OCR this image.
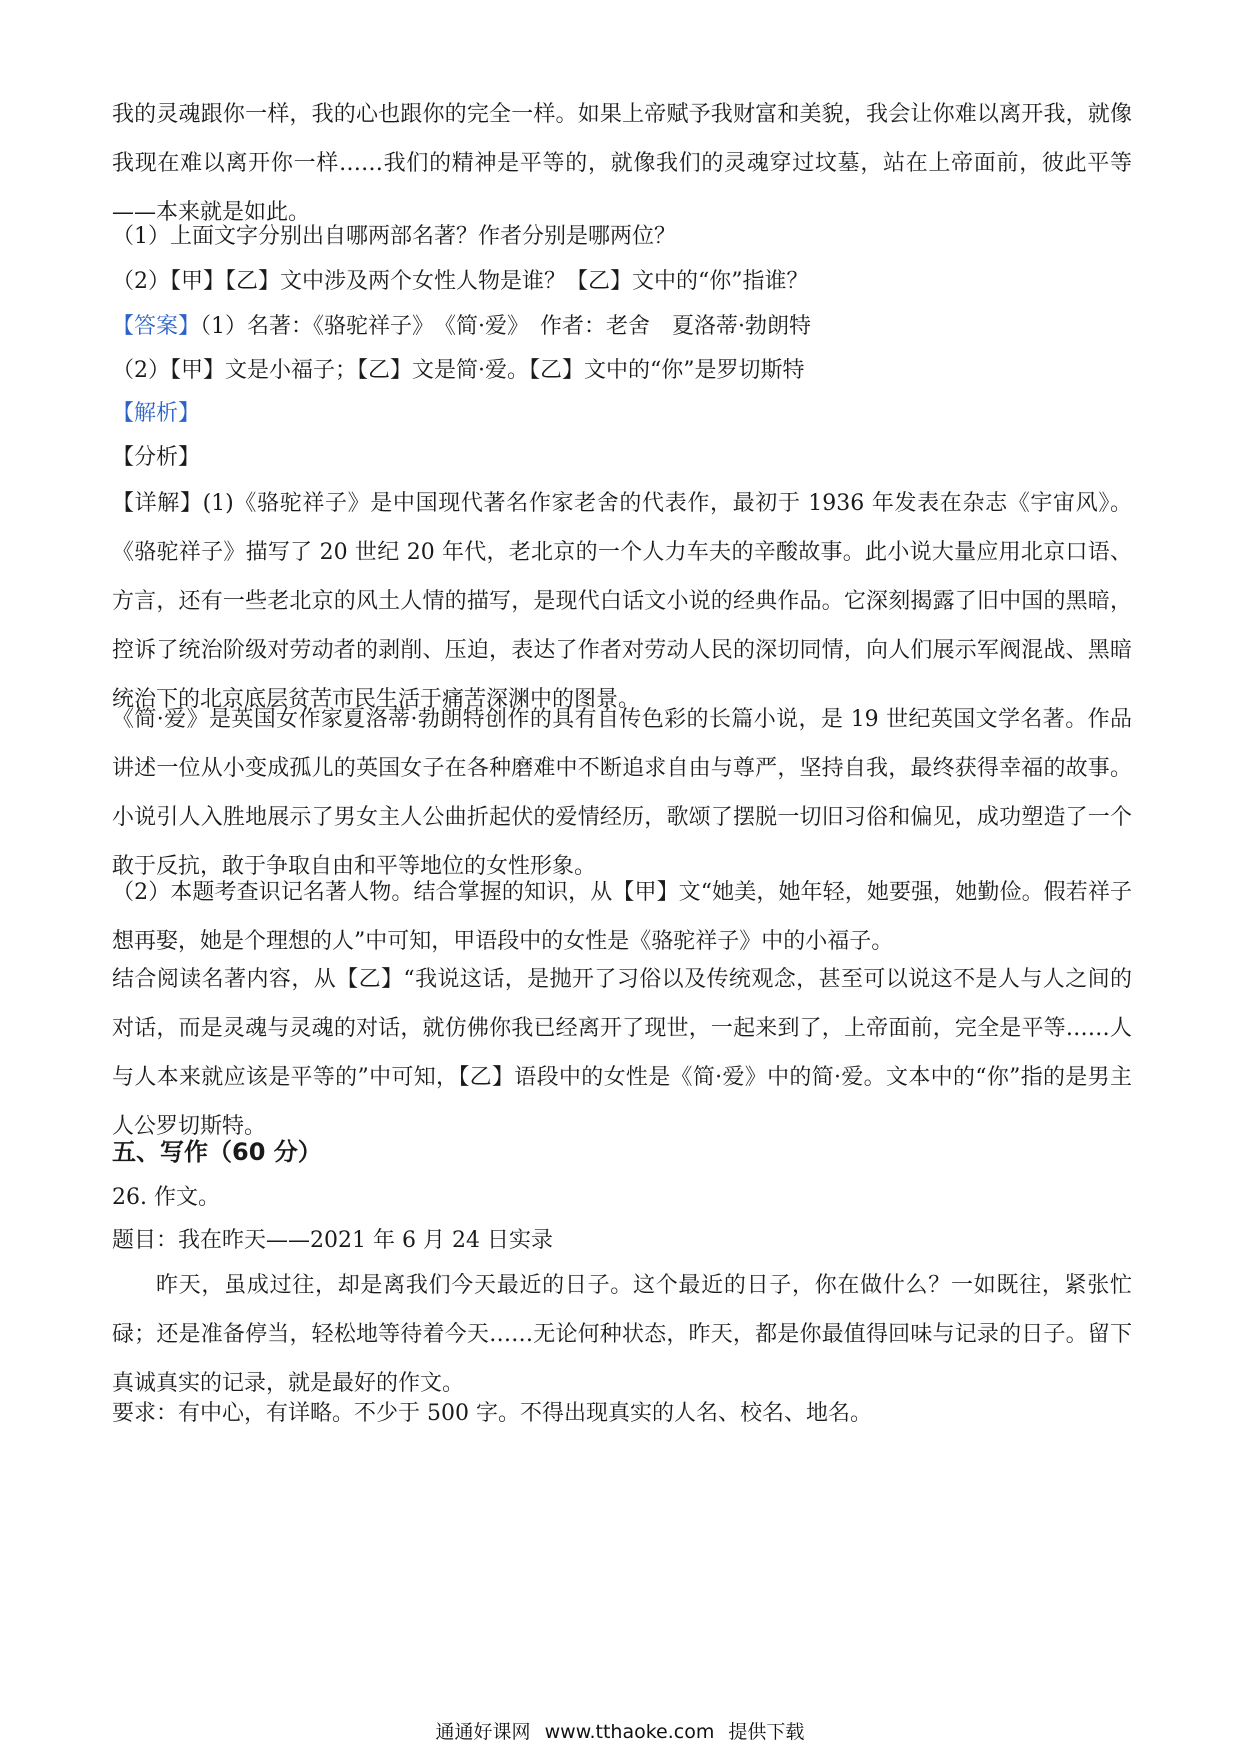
我的灵魂跟你一样，我的心也跟你的完全一样。如果上帝赋予我财富和美貌，我会让你难以离开我，就像我现在难以离开你一样……我们的精神是平等的，就像我们的灵魂穿过坟墓，站在上帝面前，彼此平等——本来就是如此。

（1）上面文字分别出自哪两部名著？作者分别是哪两位？

（2）【甲】【乙】文中涉及两个女性人物是谁？【乙】文中的“你”指谁？

【答案】（1）名著：《骆驼祥子》　《简·爱》　作者：老舍　夏洛蒂·勃朗特

（2）【甲】文是小福子；【乙】文是简·爱。【乙】文中的“你”是罗切斯特

【解析】

【分析】

【详解】(1)《骆驼祥子》是中国现代著名作家老舍的代表作，最初于 1936 年发表在杂志《宇宙风》。《骆驼祥子》描写了 20 世纪 20 年代，老北京的一个人力车夫的辛酸故事。此小说大量应用北京口语、方言，还有一些老北京的风土人情的描写，是现代白话文小说的经典作品。它深刻揭露了旧中国的黑暗，控诉了统治阶级对劳动者的剥削、压迫，表达了作者对劳动人民的深切同情，向人们展示军阀混战、黑暗统治下的北京底层贫苦市民生活于痛苦深渊中的图景。

《简·爱》是英国女作家夏洛蒂·勃朗特创作的具有自传色彩的长篇小说，是 19 世纪英国文学名著。作品讲述一位从小变成孤儿的英国女子在各种磨难中不断追求自由与尊严，坚持自我，最终获得幸福的故事。小说引人入胜地展示了男女主人公曲折起伏的爱情经历，歌颂了摆脱一切旧习俗和偏见，成功塑造了一个敢于反抗，敢于争取自由和平等地位的女性形象。

（2）本题考查识记名著人物。结合掌握的知识，从【甲】文“她美，她年轻，她要强，她勤俭。假若祥子想再娶，她是个理想的人”中可知，甲语段中的女性是《骆驼祥子》中的小福子。

结合阅读名著内容，从【乙】“我说这话，是抛开了习俗以及传统观念，甚至可以说这不是人与人之间的对话，而是灵魂与灵魂的对话，就仿佛你我已经离开了现世，一起来到了，上帝面前，完全是平等……人与人本来就应该是平等的”中可知，【乙】语段中的女性是《简·爱》中的简·爱。文本中的“你”指的是男主人公罗切斯特。

五、写作（60 分）

26. 作文。

题目：我在昨天——2021 年 6 月 24 日实录

昨天，虽成过往，却是离我们今天最近的日子。这个最近的日子，你在做什么？一如既往，紧张忙碌；还是准备停当，轻松地等待着今天……无论何种状态，昨天，都是你最值得回味与记录的日子。留下真诚真实的记录，就是最好的作文。

要求：有中心，有详略。不少于 500 字。不得出现真实的人名、校名、地名。

通通好课网 www.tthaoke.com 提供下载
